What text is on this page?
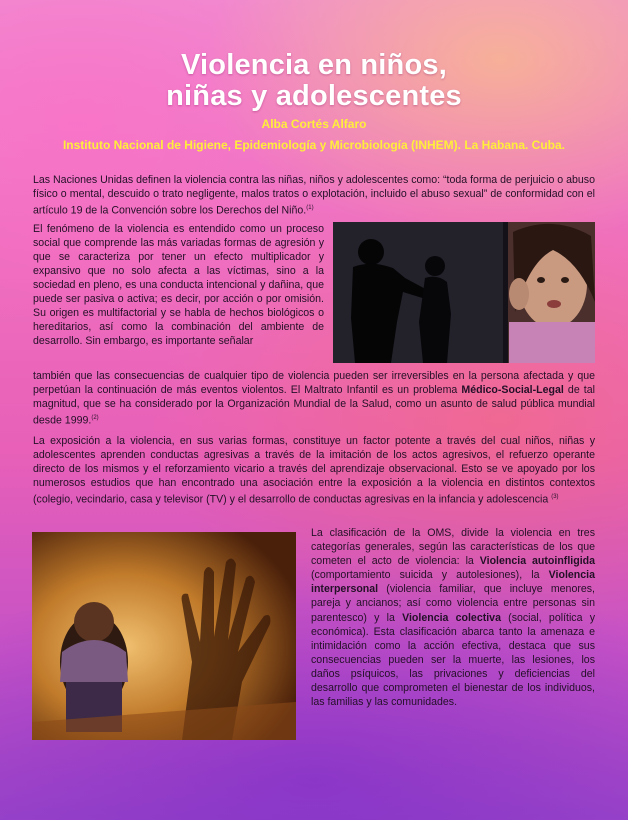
Violencia en niños,
niñas y adolescentes
Alba Cortés Alfaro
Instituto Nacional de Higiene, Epidemiología y Microbiología (INHEM). La Habana. Cuba.
Las Naciones Unidas definen la violencia contra las niñas, niños y adolescentes como: “toda forma de perjuicio o abuso físico o mental, descuido o trato negligente, malos tratos o explotación, incluido el abuso sexual” de conformidad con el artículo 19 de la Convención sobre los Derechos del Niño.$^{(1)}$
El fenómeno de la violencia es entendido como un proceso social que comprende las más variadas formas de agresión y que se caracteriza por tener un efecto multiplicador y expansivo que no solo afecta a las víctimas, sino a la sociedad en pleno, es una conducta intencional y dañina, que puede ser pasiva o activa; es decir, por acción o por omisión. Su origen es multifactorial y se habla de hechos biológicos o hereditarios, así como la combinación del ambiente de desarrollo. Sin embargo, es importante señalar
también que las consecuencias de cualquier tipo de violencia pueden ser irreversibles en la persona afectada y que perpetúan la continuación de más eventos violentos. El Maltrato Infantil es un problema Médico-Social-Legal de tal magnitud, que se ha considerado por la Organización Mundial de la Salud, como un asunto de salud pública mundial desde 1999.$^{(2)}$
La exposición a la violencia, en sus varias formas, constituye un factor potente a través del cual niños, niñas y adolescentes aprenden conductas agresivas a través de la imitación de los actos agresivos, el refuerzo operante directo de los mismos y el reforzamiento vicario a través del aprendizaje observacional. Esto se ve apoyado por los numerosos estudios que han encontrado una asociación entre la exposición a la violencia en distintos contextos (colegio, vecindario, casa y televisor (TV) y el desarrollo de conductas agresivas en la infancia y adolescencia $^{(3)}$
La clasificación de la OMS, divide la violencia en tres categorías generales, según las características de los que cometen el acto de violencia: la Violencia autoinfligida (comportamiento suicida y autolesiones), la Violencia interpersonal (violencia familiar, que incluye menores, pareja y ancianos; así como violencia entre personas sin parentesco) y la Violencia colectiva (social, política y económica). Esta clasificación abarca tanto la amenaza e intimidación como la acción efectiva, destaca que sus consecuencias pueden ser la muerte, las lesiones, los daños psíquicos, las privaciones y deficiencias del desarrollo que comprometen el bienestar de los individuos, las familias y las comunidades.
